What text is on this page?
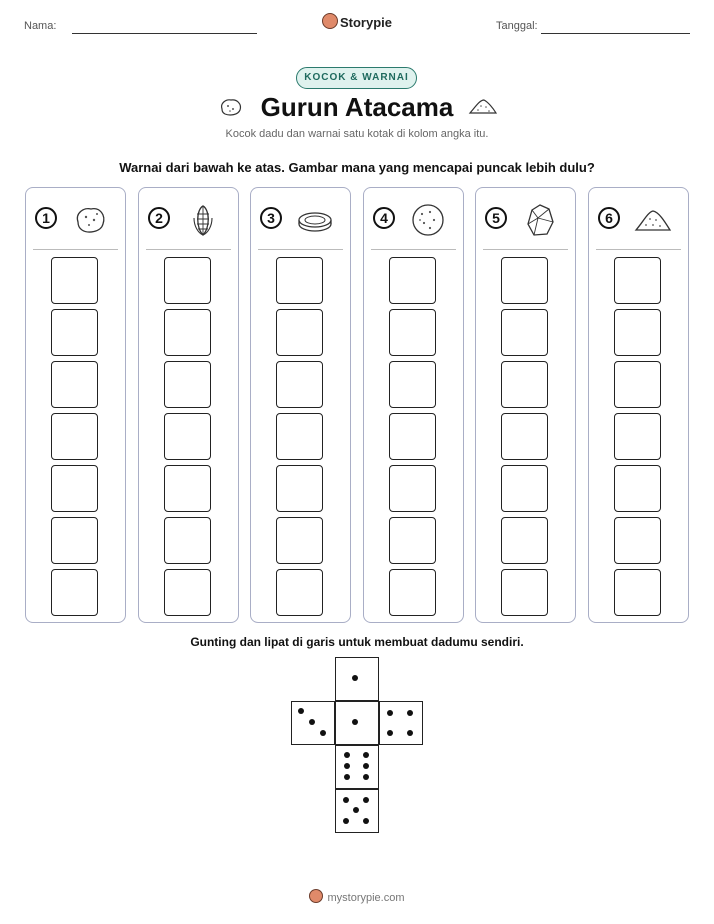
Nama:	Storypie	Tanggal:
KOCOK & WARNAI
Gurun Atacama
Kocok dadu dan warnai satu kotak di kolom angka itu.
Warnai dari bawah ke atas. Gambar mana yang mencapai puncak lebih dulu?
1	2	3	4	5	6
Gunting dan lipat di garis untuk membuat dadumu sendiri.
mystorypie.com
